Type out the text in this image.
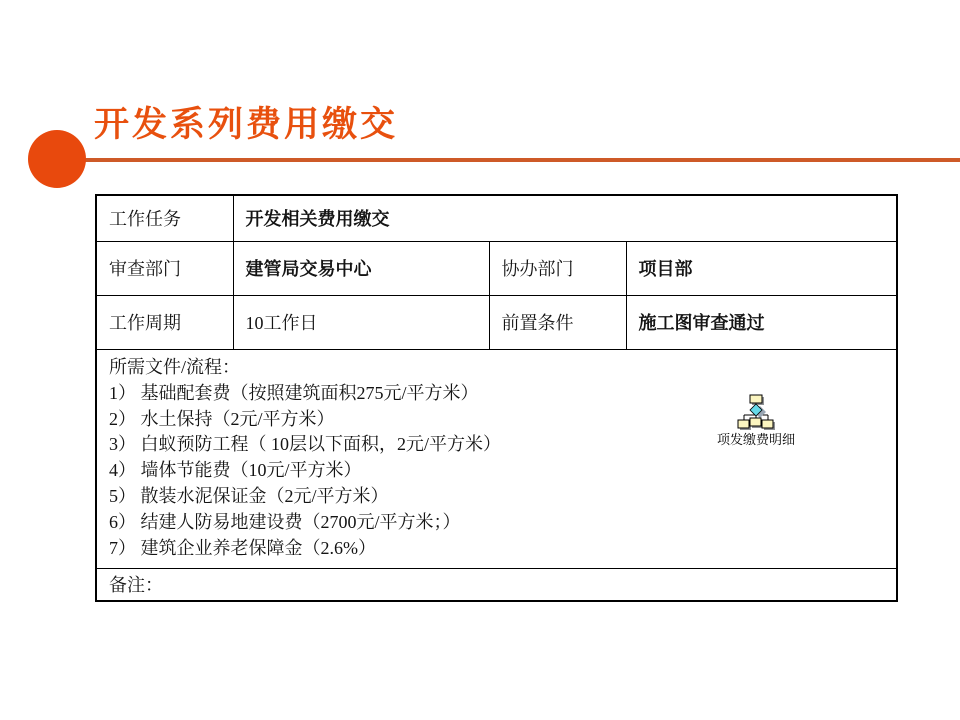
开发系列费用缴交
工作任务	开发相关费用缴交		
审查部门	建管局交易中心	协办部门	项目部
工作周期	10工作日	前置条件	施工图审查通过

所需文件/流程：
1） 基础配套费（按照建筑面积275元/平方米）
2） 水土保持（2元/平方米）
3） 白蚁预防工程（ 10层以下面积，2元/平方米）
4） 墙体节能费（10元/平方米）
5） 散装水泥保证金（2元/平方米）
6） 结建人防易地建设费（2700元/平方米；）
7） 建筑企业养老保障金（2.6%）

备注：			
项发缴费明细
